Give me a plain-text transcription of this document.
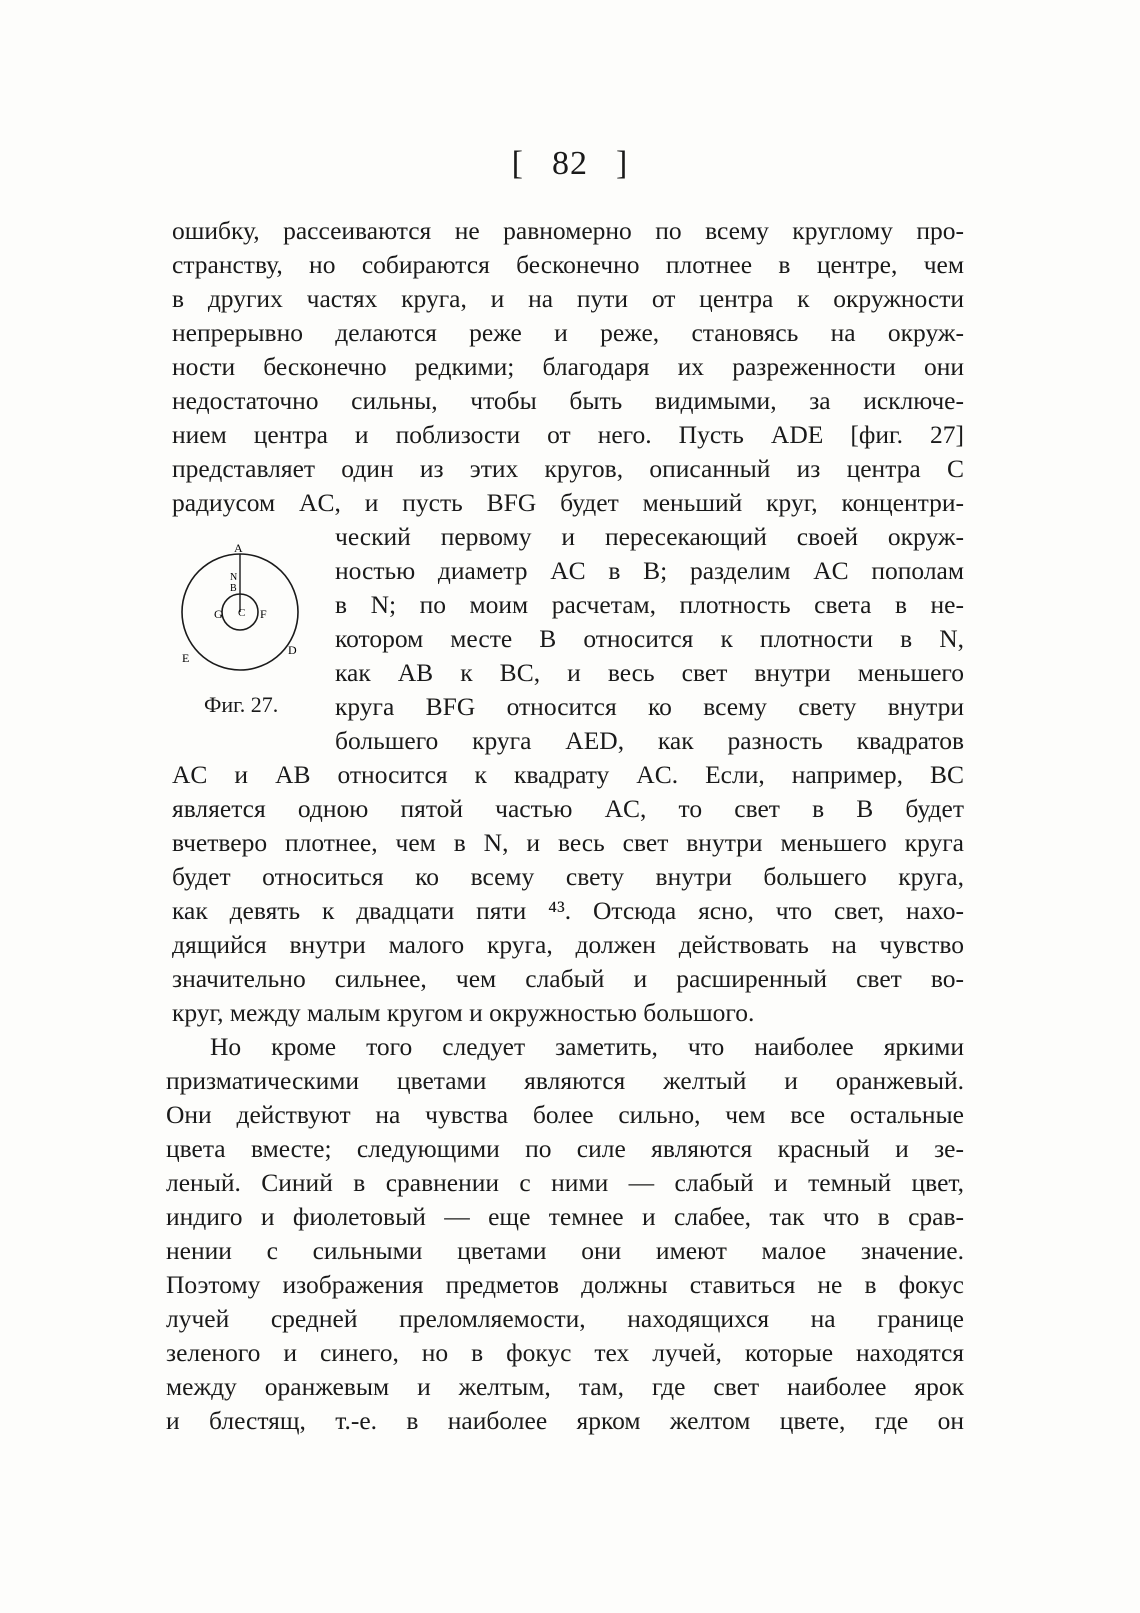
[ 82 ]
ошибку, рассеиваются не равномерно по всему круглому про-
странству, но собираются бесконечно плотнее в центре, чем
в других частях круга, и на пути от центра к окружности
непрерывно делаются реже и реже, становясь на окруж-
ности бесконечно редкими; благодаря их разреженности они
недостаточно сильны, чтобы быть видимыми, за исключе-
нием центра и поблизости от него. Пусть ADE [фиг. 27]
представляет один из этих кругов, описанный из центра C
радиусом AC, и пусть BFG будет меньший круг, концентри-
ческий первому и пересекающий своей окруж-
ностью диаметр AC в B; разделим AC пополам
в N; по моим расчетам, плотность света в не-
котором месте B относится к плотности в N,
как AB к BC, и весь свет внутри меньшего
круга BFG относится ко всему свету внутри
большего круга AED, как разность квадратов
A
N
B
C
G	F
E
D
Фиг. 27.
AC и AB относится к квадрату AC. Если, например, BC
является одною пятой частью AC, то свет в B будет
вчетверо плотнее, чем в N, и весь свет внутри меньшего круга
будет относиться ко всему свету внутри большего круга,
как девять к двадцати пяти ⁴³. Отсюда ясно, что свет, нахо-
дящийся внутри малого круга, должен действовать на чувство
значительно сильнее, чем слабый и расширенный свет во-
круг, между малым кругом и окружностью большого.
Но кроме того следует заметить, что наиболее яркими
призматическими цветами являются желтый и оранжевый.
Они действуют на чувства более сильно, чем все остальные
цвета вместе; следующими по силе являются красный и зе-
леный. Синий в сравнении с ними — слабый и темный цвет,
индиго и фиолетовый — еще темнее и слабее, так что в срав-
нении с сильными цветами они имеют малое значение.
Поэтому изображения предметов должны ставиться не в фокус
лучей средней преломляемости, находящихся на границе
зеленого и синего, но в фокус тех лучей, которые находятся
между оранжевым и желтым, там, где свет наиболее ярок
и блестящ, т.-е. в наиболее ярком желтом цвете, где он
